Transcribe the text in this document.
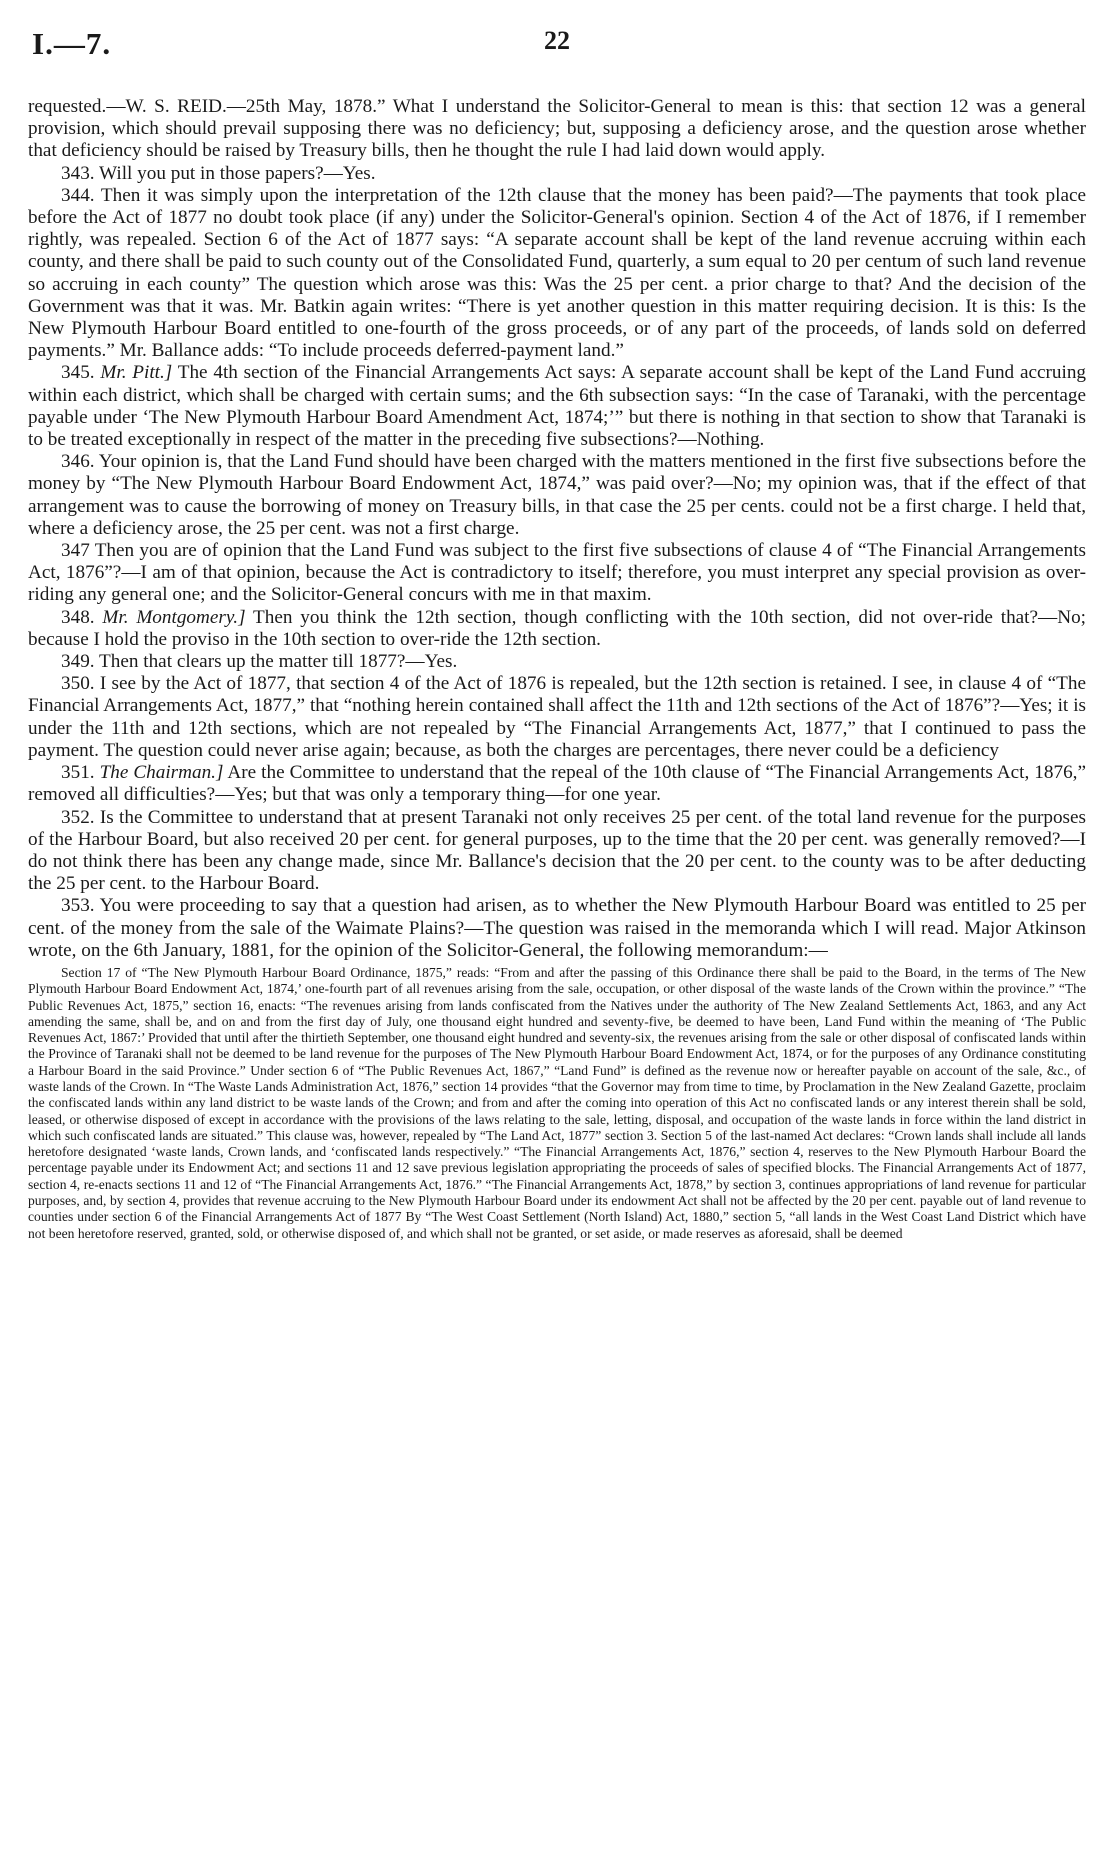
I.—7.	22

requested.—W. S. REID.—25th May, 1878.” What I understand the Solicitor-General to mean is this: that section 12 was a general provision, which should prevail supposing there was no deficiency; but, supposing a deficiency arose, and the question arose whether that deficiency should be raised by Treasury bills, then he thought the rule I had laid down would apply.

343. Will you put in those papers?—Yes.

344. Then it was simply upon the interpretation of the 12th clause that the money has been paid?—The payments that took place before the Act of 1877 no doubt took place (if any) under the Solicitor-General's opinion. Section 4 of the Act of 1876, if I remember rightly, was repealed. Section 6 of the Act of 1877 says: “A separate account shall be kept of the land revenue accruing within each county, and there shall be paid to such county out of the Consolidated Fund, quarterly, a sum equal to 20 per centum of such land revenue so accruing in each county” The question which arose was this: Was the 25 per cent. a prior charge to that? And the decision of the Government was that it was. Mr. Batkin again writes: “There is yet another question in this matter requiring decision. It is this: Is the New Plymouth Harbour Board entitled to one-fourth of the gross proceeds, or of any part of the proceeds, of lands sold on deferred payments.” Mr. Ballance adds: “To include proceeds deferred-payment land.”

345. Mr. Pitt.] The 4th section of the Financial Arrangements Act says: A separate account shall be kept of the Land Fund accruing within each district, which shall be charged with certain sums; and the 6th subsection says: “In the case of Taranaki, with the percentage payable under ‘The New Plymouth Harbour Board Amendment Act, 1874;’” but there is nothing in that section to show that Taranaki is to be treated exceptionally in respect of the matter in the preceding five subsections?—Nothing.

346. Your opinion is, that the Land Fund should have been charged with the matters mentioned in the first five subsections before the money by “The New Plymouth Harbour Board Endowment Act, 1874,” was paid over?—No; my opinion was, that if the effect of that arrangement was to cause the borrowing of money on Treasury bills, in that case the 25 per cents. could not be a first charge. I held that, where a deficiency arose, the 25 per cent. was not a first charge.

347 Then you are of opinion that the Land Fund was subject to the first five subsections of clause 4 of “The Financial Arrangements Act, 1876”?—I am of that opinion, because the Act is contradictory to itself; therefore, you must interpret any special provision as over-riding any general one; and the Solicitor-General concurs with me in that maxim.

348. Mr. Montgomery.] Then you think the 12th section, though conflicting with the 10th section, did not over-ride that?—No; because I hold the proviso in the 10th section to over-ride the 12th section.

349. Then that clears up the matter till 1877?—Yes.

350. I see by the Act of 1877, that section 4 of the Act of 1876 is repealed, but the 12th section is retained. I see, in clause 4 of “The Financial Arrangements Act, 1877,” that “nothing herein contained shall affect the 11th and 12th sections of the Act of 1876”?—Yes; it is under the 11th and 12th sections, which are not repealed by “The Financial Arrangements Act, 1877,” that I continued to pass the payment. The question could never arise again; because, as both the charges are percentages, there never could be a deficiency

351. The Chairman.] Are the Committee to understand that the repeal of the 10th clause of “The Financial Arrangements Act, 1876,” removed all difficulties?—Yes; but that was only a temporary thing—for one year.

352. Is the Committee to understand that at present Taranaki not only receives 25 per cent. of the total land revenue for the purposes of the Harbour Board, but also received 20 per cent. for general purposes, up to the time that the 20 per cent. was generally removed?—I do not think there has been any change made, since Mr. Ballance's decision that the 20 per cent. to the county was to be after deducting the 25 per cent. to the Harbour Board.

353. You were proceeding to say that a question had arisen, as to whether the New Plymouth Harbour Board was entitled to 25 per cent. of the money from the sale of the Waimate Plains?—The question was raised in the memoranda which I will read. Major Atkinson wrote, on the 6th January, 1881, for the opinion of the Solicitor-General, the following memorandum:—

Section 17 of “The New Plymouth Harbour Board Ordinance, 1875,” reads: “From and after the passing of this Ordinance there shall be paid to the Board, in the terms of The New Plymouth Harbour Board Endowment Act, 1874,’ one-fourth part of all revenues arising from the sale, occupation, or other disposal of the waste lands of the Crown within the province.” “The Public Revenues Act, 1875,” section 16, enacts: “The revenues arising from lands confiscated from the Natives under the authority of The New Zealand Settlements Act, 1863, and any Act amending the same, shall be, and on and from the first day of July, one thousand eight hundred and seventy-five, be deemed to have been, Land Fund within the meaning of ‘The Public Revenues Act, 1867:’ Provided that until after the thirtieth September, one thousand eight hundred and seventy-six, the revenues arising from the sale or other disposal of confiscated lands within the Province of Taranaki shall not be deemed to be land revenue for the purposes of The New Plymouth Harbour Board Endowment Act, 1874, or for the purposes of any Ordinance constituting a Harbour Board in the said Province.” Under section 6 of “The Public Revenues Act, 1867,” “Land Fund” is defined as the revenue now or hereafter payable on account of the sale, &c., of waste lands of the Crown. In “The Waste Lands Administration Act, 1876,” section 14 provides “that the Governor may from time to time, by Proclamation in the New Zealand Gazette, proclaim the confiscated lands within any land district to be waste lands of the Crown; and from and after the coming into operation of this Act no confiscated lands or any interest therein shall be sold, leased, or otherwise disposed of except in accordance with the provisions of the laws relating to the sale, letting, disposal, and occupation of the waste lands in force within the land district in which such confiscated lands are situated.” This clause was, however, repealed by “The Land Act, 1877” section 3. Section 5 of the last-named Act declares: “Crown lands shall include all lands heretofore designated ‘waste lands, Crown lands, and ‘confiscated lands respectively.” “The Financial Arrangements Act, 1876,” section 4, reserves to the New Plymouth Harbour Board the percentage payable under its Endowment Act; and sections 11 and 12 save previous legislation appropriating the proceeds of sales of specified blocks. The Financial Arrangements Act of 1877, section 4, re-enacts sections 11 and 12 of “The Financial Arrangements Act, 1876.” “The Financial Arrangements Act, 1878,” by section 3, continues appropriations of land revenue for particular purposes, and, by section 4, provides that revenue accruing to the New Plymouth Harbour Board under its endowment Act shall not be affected by the 20 per cent. payable out of land revenue to counties under section 6 of the Financial Arrangements Act of 1877 By “The West Coast Settlement (North Island) Act, 1880,” section 5, “all lands in the West Coast Land District which have not been heretofore reserved, granted, sold, or otherwise disposed of, and which shall not be granted, or set aside, or made reserves as aforesaid, shall be deemed
